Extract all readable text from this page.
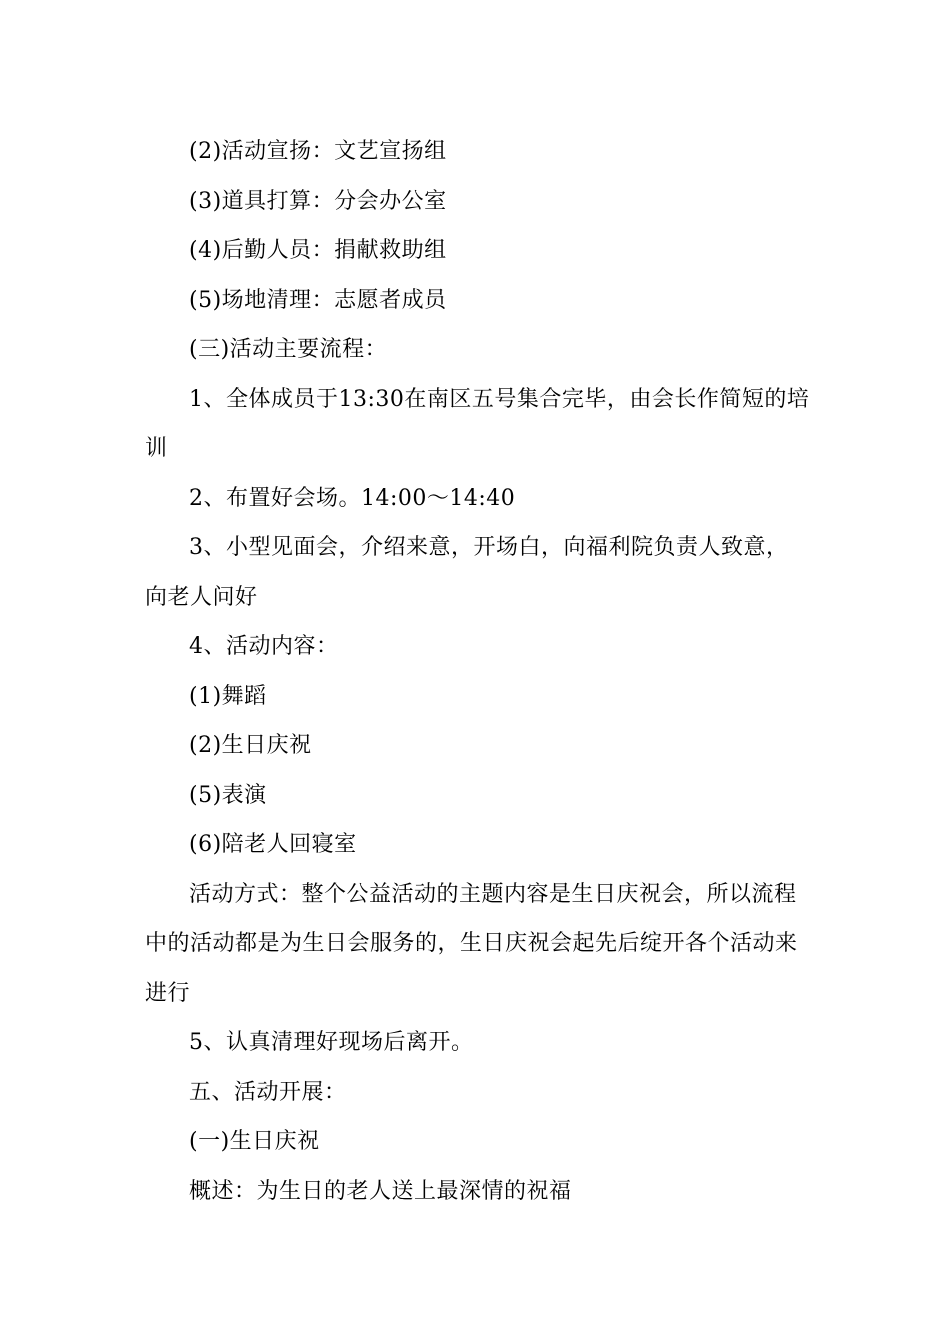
(2)活动宣扬：文艺宣扬组

(3)道具打算：分会办公室

(4)后勤人员：捐献救助组

(5)场地清理：志愿者成员

(三)活动主要流程：

1、全体成员于13:30在南区五号集合完毕，由会长作简短的培训

2、布置好会场。14:00～14:40

3、小型见面会，介绍来意，开场白，向福利院负责人致意，向老人问好

4、活动内容：

(1)舞蹈

(2)生日庆祝

(5)表演

(6)陪老人回寝室

活动方式：整个公益活动的主题内容是生日庆祝会，所以流程中的活动都是为生日会服务的，生日庆祝会起先后绽开各个活动来进行

5、认真清理好现场后离开。

五、活动开展：

(一)生日庆祝

概述：为生日的老人送上最深情的祝福
